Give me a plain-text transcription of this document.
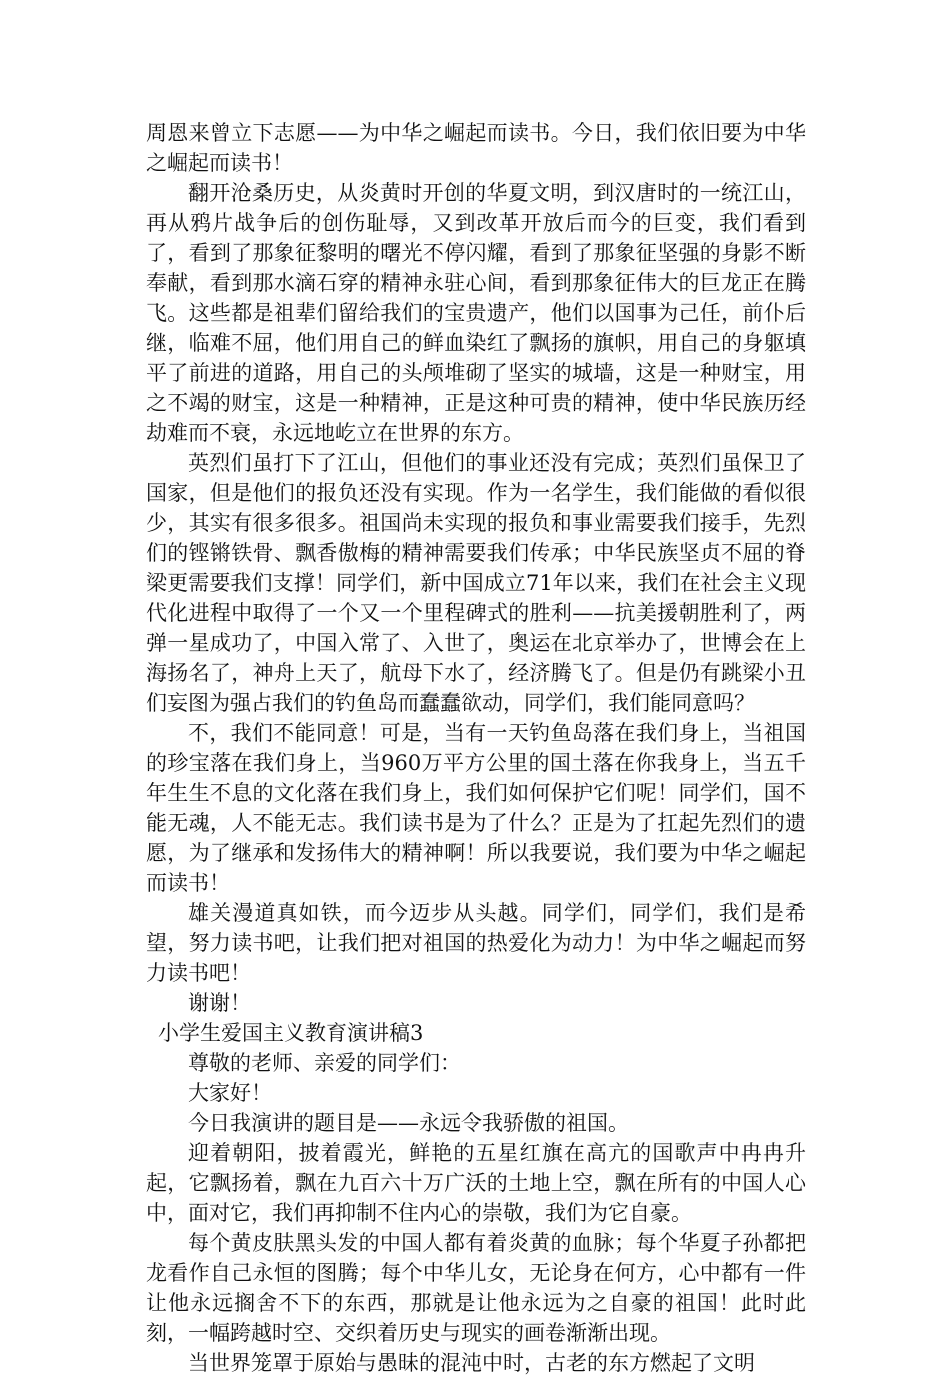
周恩来曾立下志愿——为中华之崛起而读书。今日，我们依旧要为中华之崛起而读书！

翻开沧桑历史，从炎黄时开创的华夏文明，到汉唐时的一统江山，再从鸦片战争后的创伤耻辱，又到改革开放后而今的巨变，我们看到了，看到了那象征黎明的曙光不停闪耀，看到了那象征坚强的身影不断奉献，看到那水滴石穿的精神永驻心间，看到那象征伟大的巨龙正在腾飞。这些都是祖辈们留给我们的宝贵遗产，他们以国事为己任，前仆后继，临难不屈，他们用自己的鲜血染红了飘扬的旗帜，用自己的身躯填平了前进的道路，用自己的头颅堆砌了坚实的城墙，这是一种财宝，用之不竭的财宝，这是一种精神，正是这种可贵的精神，使中华民族历经劫难而不衰，永远地屹立在世界的东方。

英烈们虽打下了江山，但他们的事业还没有完成；英烈们虽保卫了国家，但是他们的报负还没有实现。作为一名学生，我们能做的看似很少，其实有很多很多。祖国尚未实现的报负和事业需要我们接手，先烈们的铿锵铁骨、飘香傲梅的精神需要我们传承；中华民族坚贞不屈的脊梁更需要我们支撑！同学们，新中国成立71年以来，我们在社会主义现代化进程中取得了一个又一个里程碑式的胜利——抗美援朝胜利了，两弹一星成功了，中国入常了、入世了，奥运在北京举办了，世博会在上海扬名了，神舟上天了，航母下水了，经济腾飞了。但是仍有跳梁小丑们妄图为强占我们的钓鱼岛而蠢蠢欲动，同学们，我们能同意吗？

不，我们不能同意！可是，当有一天钓鱼岛落在我们身上，当祖国的珍宝落在我们身上，当960万平方公里的国土落在你我身上，当五千年生生不息的文化落在我们身上，我们如何保护它们呢！同学们，国不能无魂，人不能无志。我们读书是为了什么？正是为了扛起先烈们的遗愿，为了继承和发扬伟大的精神啊！所以我要说，我们要为中华之崛起而读书！

雄关漫道真如铁，而今迈步从头越。同学们，同学们，我们是希望，努力读书吧，让我们把对祖国的热爱化为动力！为中华之崛起而努力读书吧！

谢谢！

小学生爱国主义教育演讲稿3

尊敬的老师、亲爱的同学们：

大家好！

今日我演讲的题目是——永远令我骄傲的祖国。

迎着朝阳，披着霞光，鲜艳的五星红旗在高亢的国歌声中冉冉升起，它飘扬着，飘在九百六十万广沃的土地上空，飘在所有的中国人心中，面对它，我们再抑制不住内心的崇敬，我们为它自豪。

每个黄皮肤黑头发的中国人都有着炎黄的血脉；每个华夏子孙都把龙看作自己永恒的图腾；每个中华儿女，无论身在何方，心中都有一件让他永远搁舍不下的东西，那就是让他永远为之自豪的祖国！此时此刻，一幅跨越时空、交织着历史与现实的画卷渐渐出现。

当世界笼罩于原始与愚昧的混沌中时，古老的东方燃起了文明
